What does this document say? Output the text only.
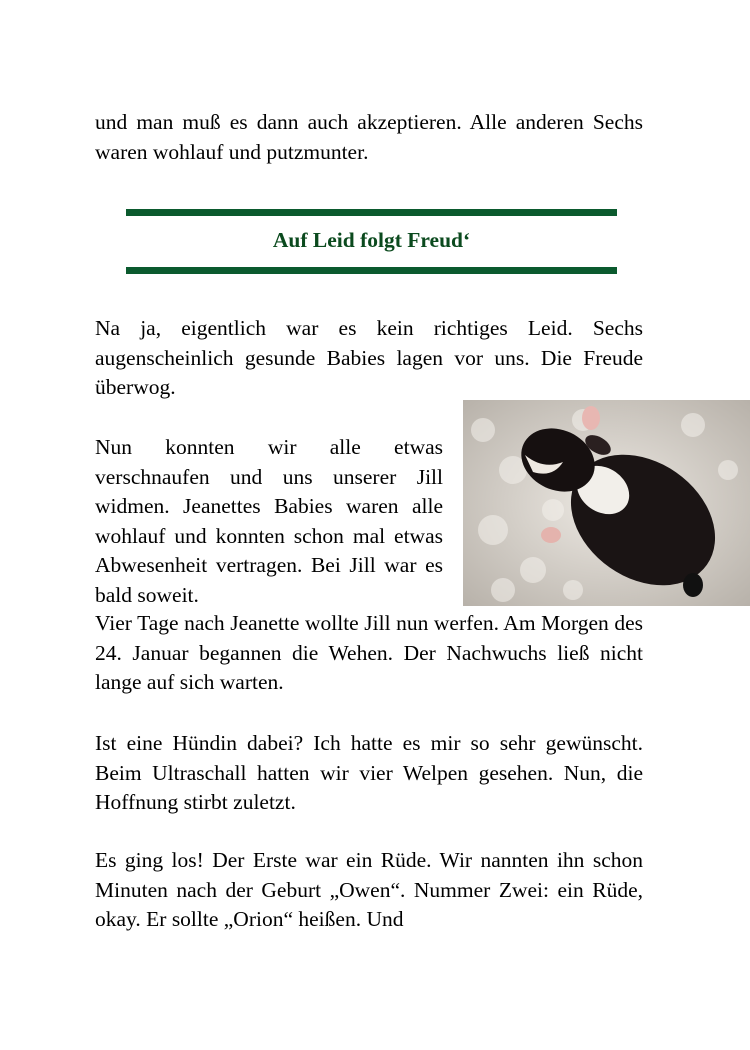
und man muß es dann auch akzeptieren. Alle anderen Sechs waren wohlauf und putzmunter.

Auf Leid folgt Freud‘

Na ja, eigentlich war es kein richtiges Leid. Sechs augenscheinlich gesunde Babies lagen vor uns. Die Freude überwog.

Nun konnten wir alle etwas verschnaufen und uns unserer Jill widmen. Jeanettes Babies waren alle wohlauf und konnten schon mal etwas Abwesenheit vertragen. Bei Jill war es bald soweit.

Vier Tage nach Jeanette wollte Jill nun werfen. Am Morgen des 24. Januar begannen die Wehen. Der Nachwuchs ließ nicht lange auf sich warten.

Ist eine Hündin dabei? Ich hatte es mir so sehr gewünscht. Beim Ultraschall hatten wir vier Welpen gesehen. Nun, die Hoffnung stirbt zuletzt.

Es ging los! Der Erste war ein Rüde. Wir nannten ihn schon Minuten nach der Geburt „Owen“. Nummer Zwei: ein Rüde, okay. Er sollte „Orion“ heißen. Und
